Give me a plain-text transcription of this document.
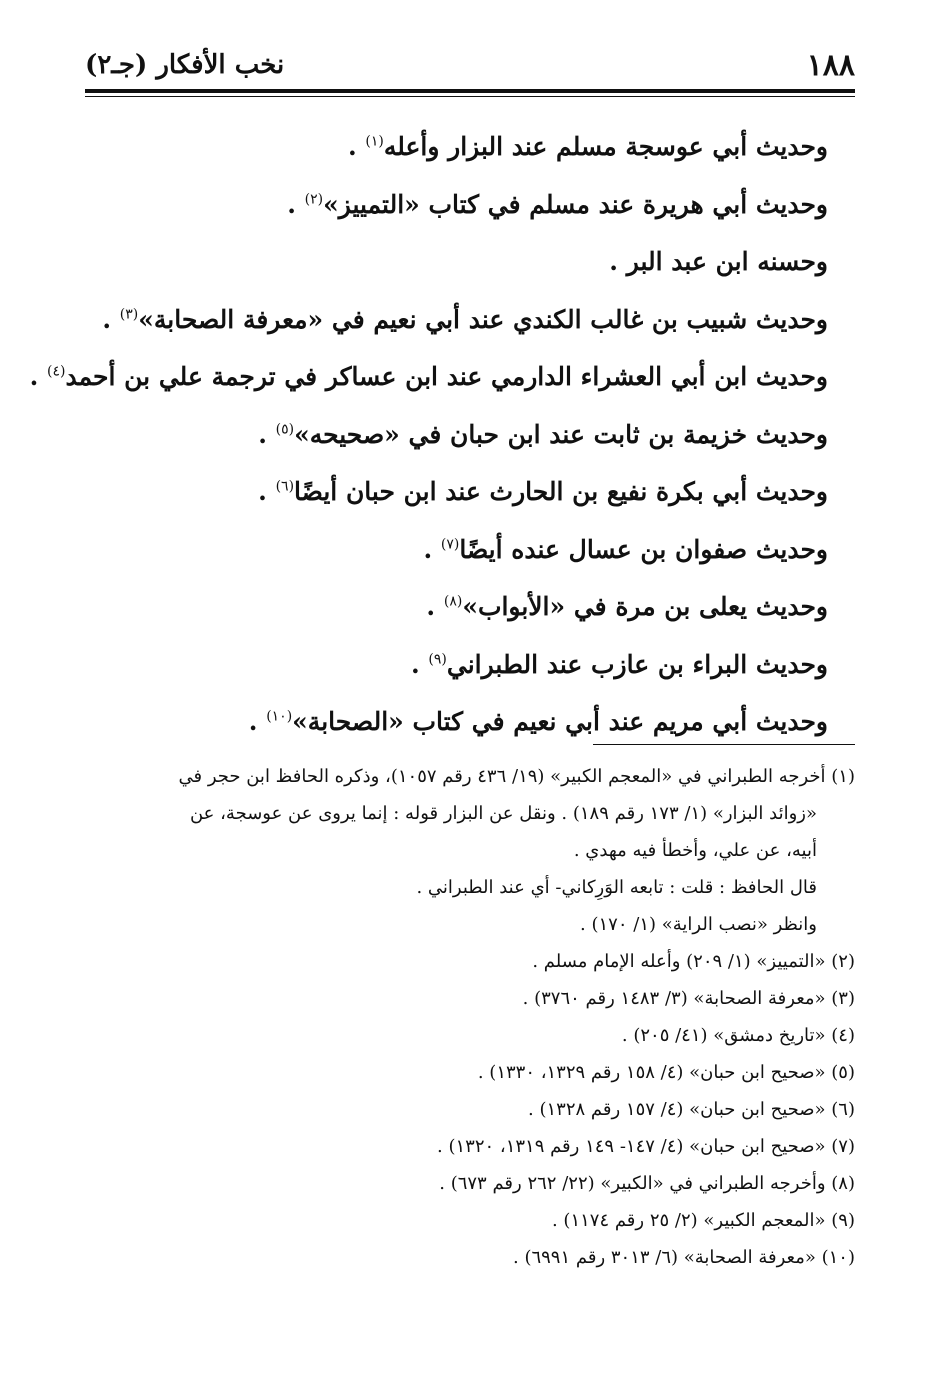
١٨٨
نخب الأفكار (جـ٢)
وحديث أبي عوسجة مسلم عند البزار وأعله$^{(١)}$ .
وحديث أبي هريرة عند مسلم في كتاب «التمييز»$^{(٢)}$ .
وحسنه ابن عبد البر .
وحديث شبيب بن غالب الكندي عند أبي نعيم في «معرفة الصحابة»$^{(٣)}$ .
وحديث ابن أبي العشراء الدارمي عند ابن عساكر في ترجمة علي بن أحمد$^{(٤)}$ .
وحديث خزيمة بن ثابت عند ابن حبان في «صحيحه»$^{(٥)}$ .
وحديث أبي بكرة نفيع بن الحارث عند ابن حبان أيضًا$^{(٦)}$ .
وحديث صفوان بن عسال عنده أيضًا$^{(٧)}$ .
وحديث يعلى بن مرة في «الأبواب»$^{(٨)}$ .
وحديث البراء بن عازب عند الطبراني$^{(٩)}$ .
وحديث أبي مريم عند أبي نعيم في كتاب «الصحابة»$^{(١٠)}$ .
(١) أخرجه الطبراني في «المعجم الكبير» (١٩/ ٤٣٦ رقم ١٠٥٧)، وذكره الحافظ ابن حجر في
«زوائد البزار» (١/ ١٧٣ رقم ١٨٩) . ونقل عن البزار قوله : إنما يروى عن عوسجة، عن
أبيه، عن علي، وأخطأ فيه مهدي .
قال الحافظ : قلت : تابعه الوَرِكاني- أي عند الطبراني .
وانظر «نصب الراية» (١/ ١٧٠) .
(٢) «التمييز» (١/ ٢٠٩) وأعله الإمام مسلم .
(٣) «معرفة الصحابة» (٣/ ١٤٨٣ رقم ٣٧٦٠) .
(٤) «تاريخ دمشق» (٤١/ ٢٠٥) .
(٥) «صحيح ابن حبان» (٤/ ١٥٨ رقم ١٣٢٩، ١٣٣٠) .
(٦) «صحيح ابن حبان» (٤/ ١٥٧ رقم ١٣٢٨) .
(٧) «صحيح ابن حبان» (٤/ ١٤٧- ١٤٩ رقم ١٣١٩، ١٣٢٠) .
(٨) وأخرجه الطبراني في «الكبير» (٢٢/ ٢٦٢ رقم ٦٧٣) .
(٩) «المعجم الكبير» (٢/ ٢٥ رقم ١١٧٤) .
(١٠) «معرفة الصحابة» (٦/ ٣٠١٣ رقم ٦٩٩١) .
